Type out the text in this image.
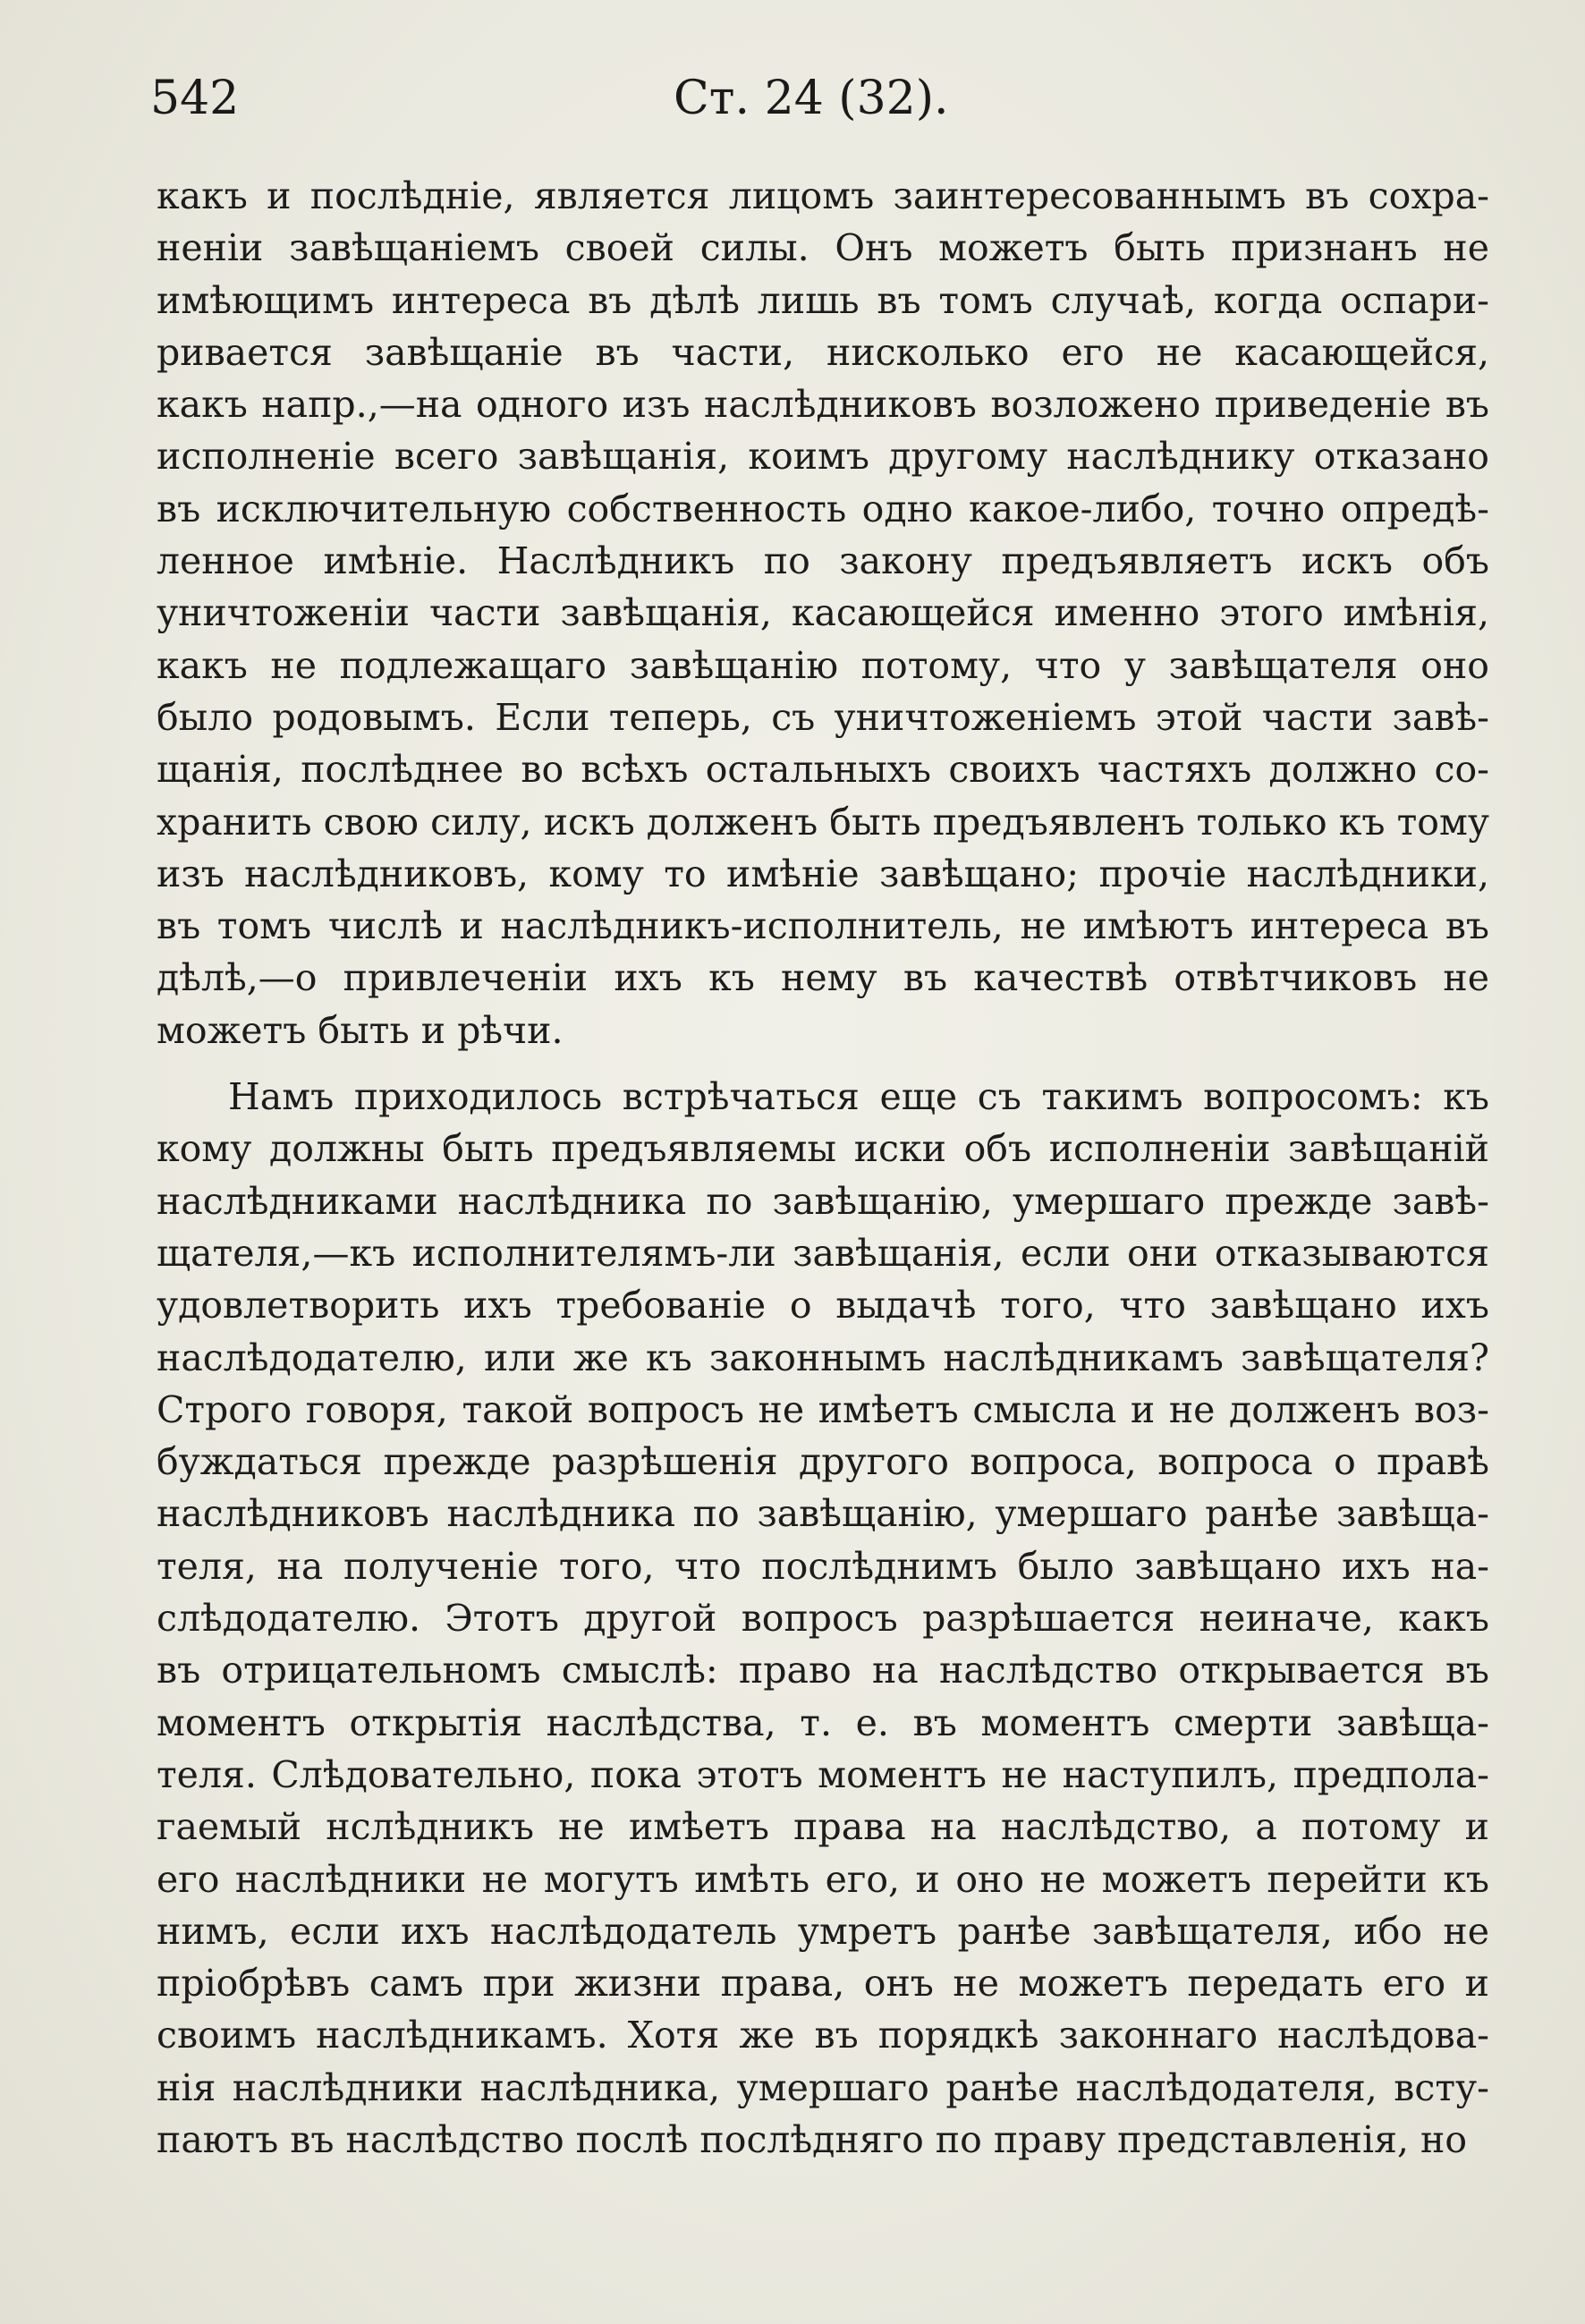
542	Ст. 24 (32).
какъ и послѣдніе, является лицомъ заинтересованнымъ въ сохра-
неніи завѣщаніемъ своей силы. Онъ можетъ быть признанъ не
имѣющимъ интереса въ дѣлѣ лишь въ томъ случаѣ, когда оспари-
ривается завѣщаніе въ части, нисколько его не касающейся,
какъ напр.,—на одного изъ наслѣдниковъ возложено приведеніе въ
исполненіе всего завѣщанія, коимъ другому наслѣднику отказано
въ исключительную собственность одно какое-либо, точно опредѣ-
ленное имѣніе. Наслѣдникъ по закону предъявляетъ искъ объ
уничтоженіи части завѣщанія, касающейся именно этого имѣнія,
какъ не подлежащаго завѣщанію потому, что у завѣщателя оно
было родовымъ. Если теперь, съ уничтоженіемъ этой части завѣ-
щанія, послѣднее во всѣхъ остальныхъ своихъ частяхъ должно со-
хранить свою силу, искъ долженъ быть предъявленъ только къ тому
изъ наслѣдниковъ, кому то имѣніе завѣщано; прочіе наслѣдники,
въ томъ числѣ и наслѣдникъ-исполнитель, не имѣютъ интереса въ
дѣлѣ,—о привлеченіи ихъ къ нему въ качествѣ отвѣтчиковъ не
можетъ быть и рѣчи.
Намъ приходилось встрѣчаться еще съ такимъ вопросомъ: къ
кому должны быть предъявляемы иски объ исполненіи завѣщаній
наслѣдниками наслѣдника по завѣщанію, умершаго прежде завѣ-
щателя,—къ исполнителямъ-ли завѣщанія, если они отказываются
удовлетворить ихъ требованіе о выдачѣ того, что завѣщано ихъ
наслѣдодателю, или же къ законнымъ наслѣдникамъ завѣщателя?
Строго говоря, такой вопросъ не имѣетъ смысла и не долженъ воз-
буждаться прежде разрѣшенія другого вопроса, вопроса о правѣ
наслѣдниковъ наслѣдника по завѣщанію, умершаго ранѣе завѣща-
теля, на полученіе того, что послѣднимъ было завѣщано ихъ на-
слѣдодателю. Этотъ другой вопросъ разрѣшается неиначе, какъ
въ отрицательномъ смыслѣ: право на наслѣдство открывается въ
моментъ открытія наслѣдства, т. е. въ моментъ смерти завѣща-
теля. Слѣдовательно, пока этотъ моментъ не наступилъ, предпола-
гаемый нслѣдникъ не имѣетъ права на наслѣдство, а потому и
его наслѣдники не могутъ имѣть его, и оно не можетъ перейти къ
нимъ, если ихъ наслѣдодатель умретъ ранѣе завѣщателя, ибо не
пріобрѣвъ самъ при жизни права, онъ не можетъ передать его и
своимъ наслѣдникамъ. Хотя же въ порядкѣ законнаго наслѣдова-
нія наслѣдники наслѣдника, умершаго ранѣе наслѣдодателя, всту-
паютъ въ наслѣдство послѣ послѣдняго по праву представленія, но
